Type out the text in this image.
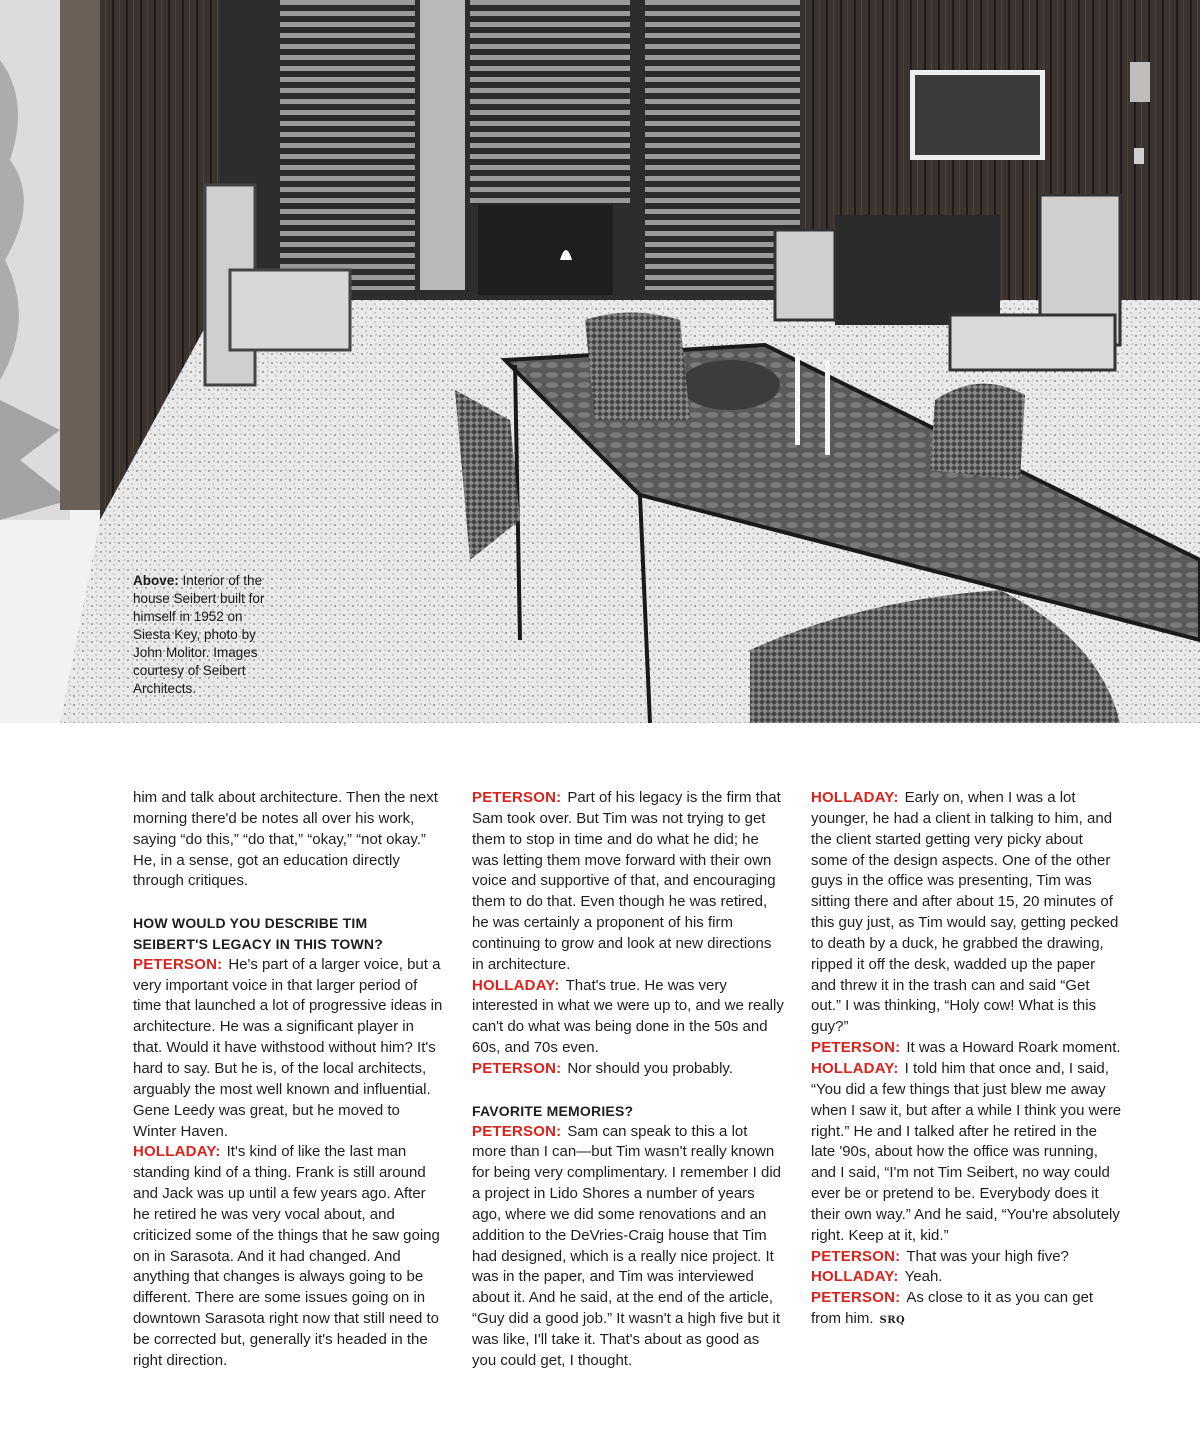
Above: Interior of the house Seibert built for himself in 1952 on Siesta Key, photo by John Molitor. Images courtesy of Seibert Architects.

him and talk about architecture. Then the next morning there'd be notes all over his work, saying “do this,” “do that,” “okay,” “not okay.” He, in a sense, got an education directly through critiques.

HOW WOULD YOU DESCRIBE TIM SEIBERT'S LEGACY IN THIS TOWN?

PETERSON: He's part of a larger voice, but a very important voice in that larger period of time that launched a lot of progressive ideas in architecture. He was a significant player in that. Would it have withstood without him? It's hard to say. But he is, of the local architects, arguably the most well known and influential. Gene Leedy was great, but he moved to Winter Haven.

HOLLADAY: It's kind of like the last man standing kind of a thing. Frank is still around and Jack was up until a few years ago. After he retired he was very vocal about, and criticized some of the things that he saw going on in Sarasota. And it had changed. And anything that changes is always going to be different. There are some issues going on in downtown Sarasota right now that still need to be corrected but, generally it's headed in the right direction.

PETERSON: Part of his legacy is the firm that Sam took over. But Tim was not trying to get them to stop in time and do what he did; he was letting them move forward with their own voice and supportive of that, and encouraging them to do that. Even though he was retired, he was certainly a proponent of his firm continuing to grow and look at new directions in architecture.

HOLLADAY: That's true. He was very interested in what we were up to, and we really can't do what was being done in the 50s and 60s, and 70s even.

PETERSON: Nor should you probably.

FAVORITE MEMORIES?

PETERSON: Sam can speak to this a lot more than I can—but Tim wasn't really known for being very complimentary. I remember I did a project in Lido Shores a number of years ago, where we did some renovations and an addition to the DeVries-Craig house that Tim had designed, which is a really nice project. It was in the paper, and Tim was interviewed about it. And he said, at the end of the article, “Guy did a good job.” It wasn't a high five but it was like, I'll take it. That's about as good as you could get, I thought.

HOLLADAY: Early on, when I was a lot younger, he had a client in talking to him, and the client started getting very picky about some of the design aspects. One of the other guys in the office was presenting, Tim was sitting there and after about 15, 20 minutes of this guy just, as Tim would say, getting pecked to death by a duck, he grabbed the drawing, ripped it off the desk, wadded up the paper and threw it in the trash can and said “Get out.” I was thinking, “Holy cow! What is this guy?”

PETERSON: It was a Howard Roark moment.

HOLLADAY: I told him that once and, I said, “You did a few things that just blew me away when I saw it, but after a while I think you were right.” He and I talked after he retired in the late '90s, about how the office was running, and I said, “I'm not Tim Seibert, no way could ever be or pretend to be. Everybody does it their own way.” And he said, “You're absolutely right. Keep at it, kid.”

PETERSON: That was your high five?

HOLLADAY: Yeah.

PETERSON: As close to it as you can get from him. SRQ
